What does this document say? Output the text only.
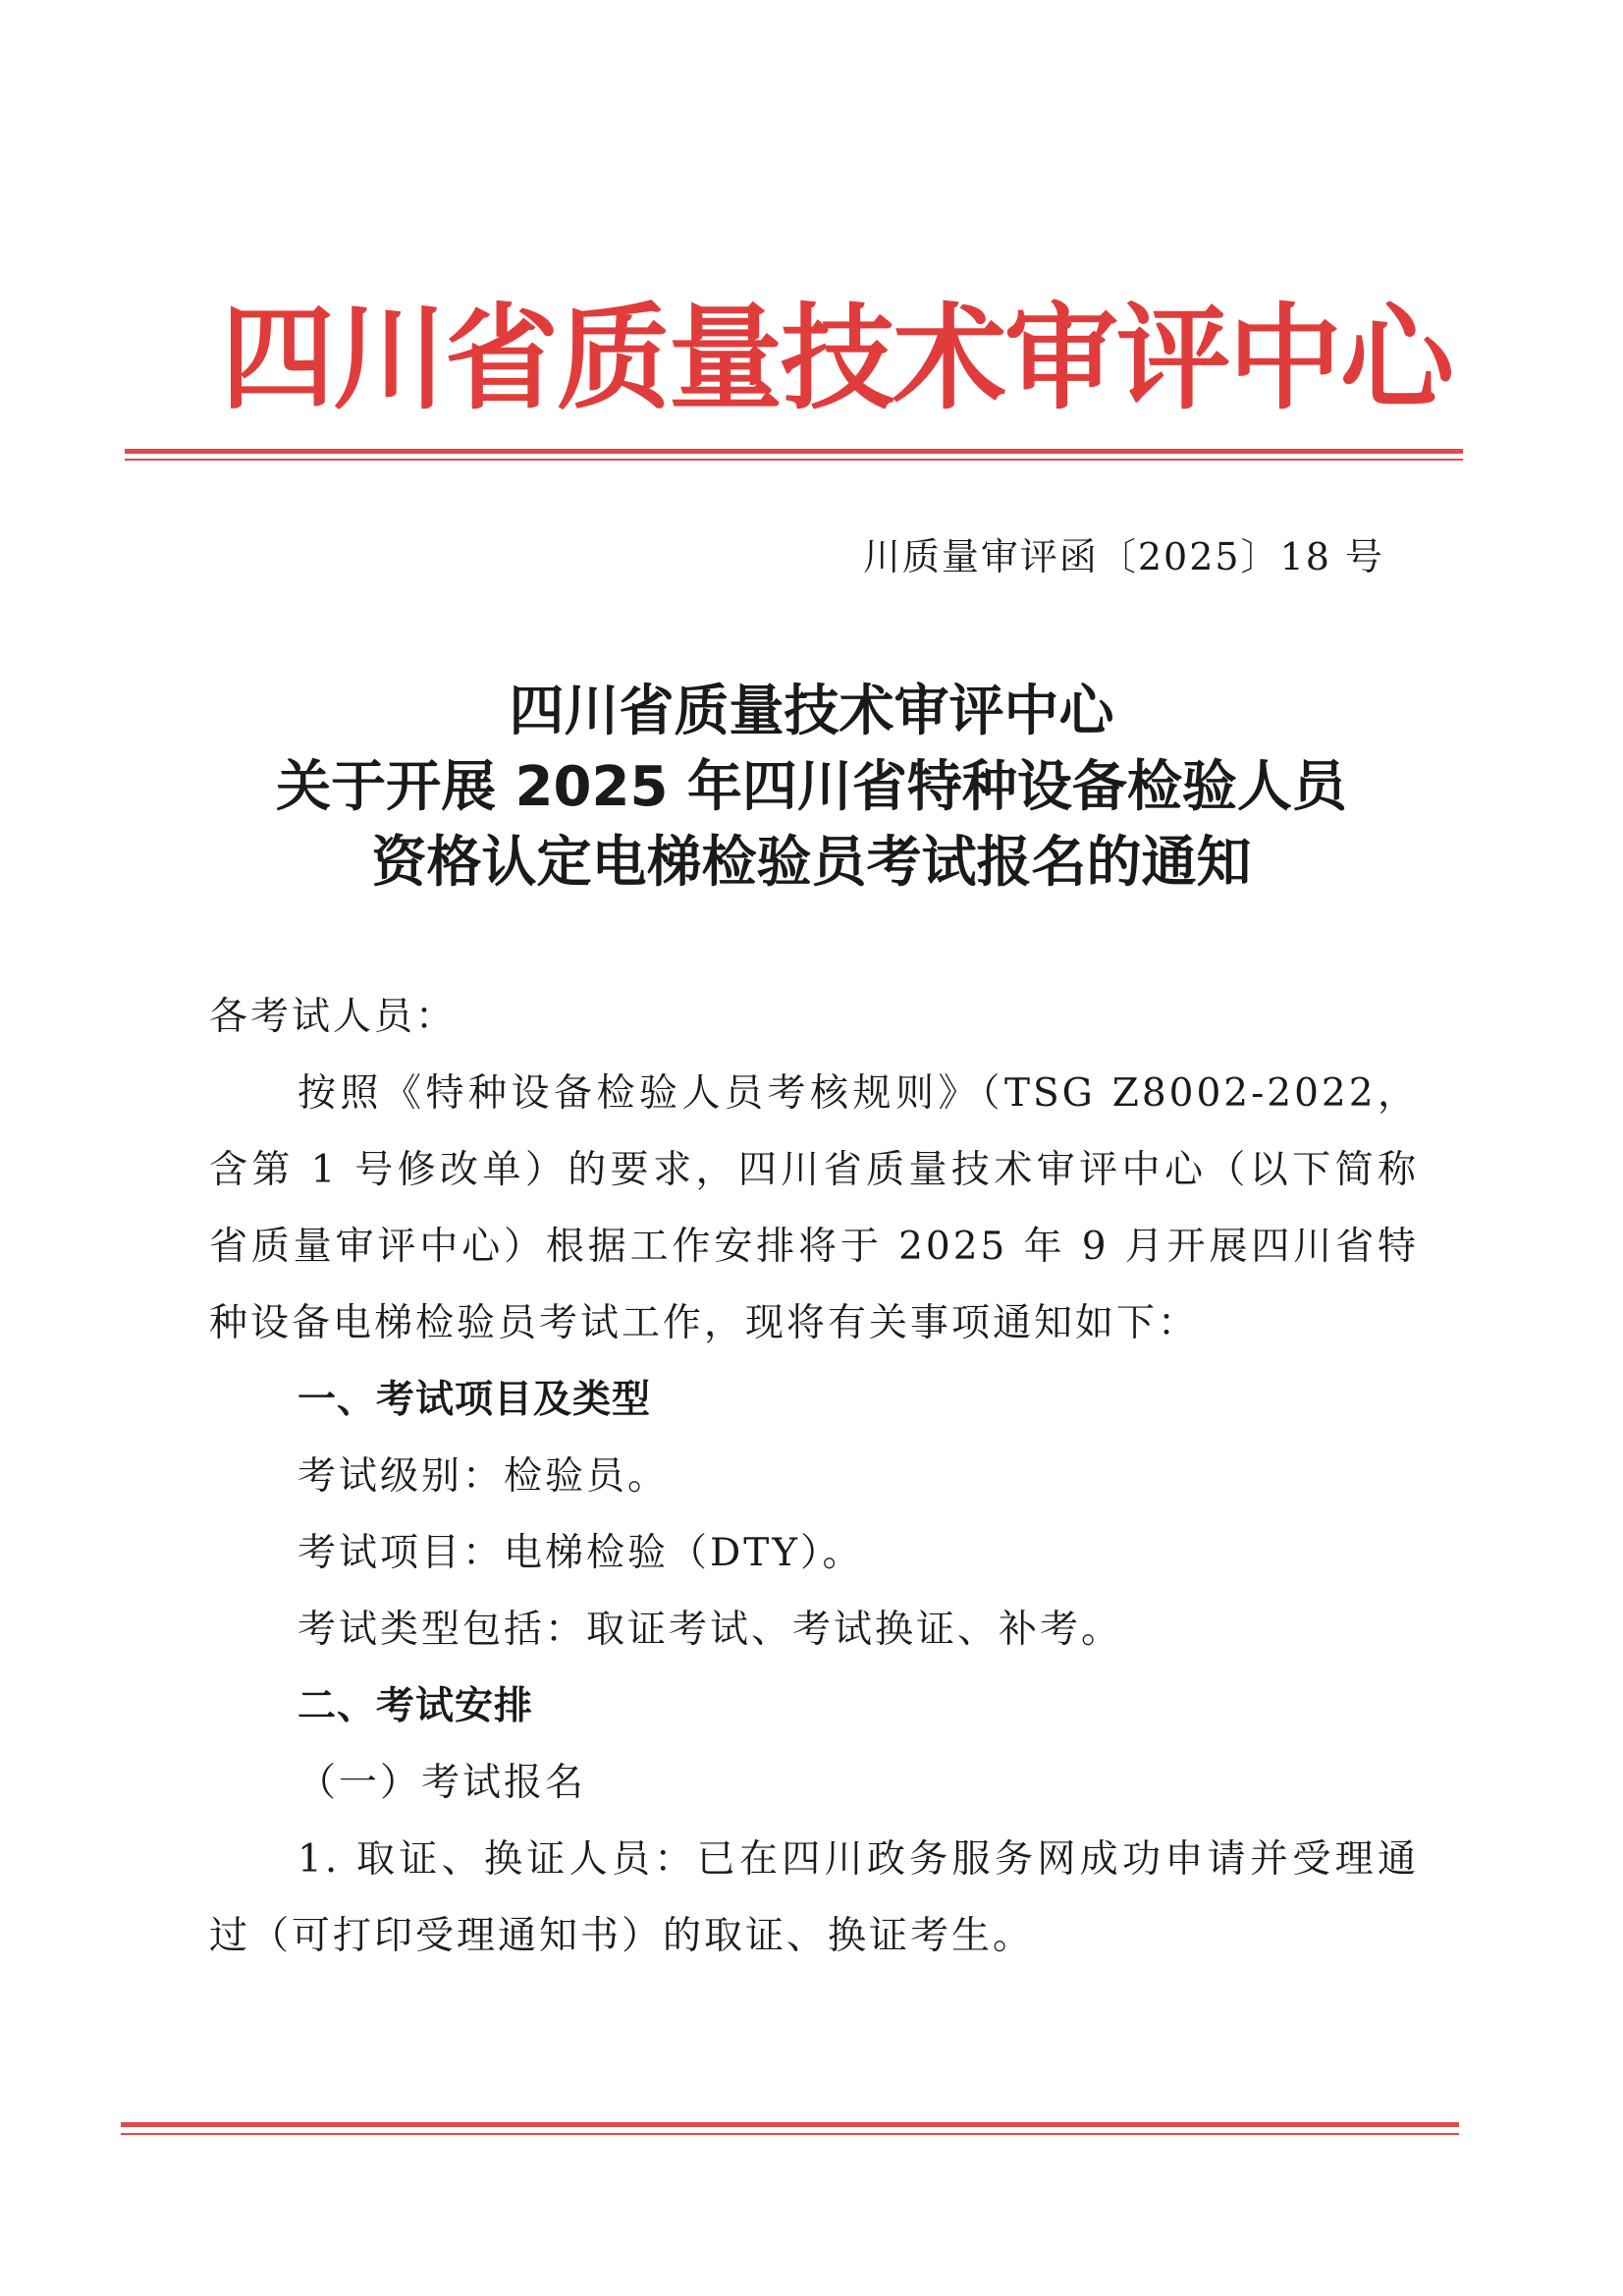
四川省质量技术审评中心
川质量审评函〔2025〕18 号
四川省质量技术审评中心
关于开展 2025 年四川省特种设备检验人员
资格认定电梯检验员考试报名的通知
各考试人员：

按照《特种设备检验人员考核规则》（TSG Z8002-2022，含第 1 号修改单）的要求，四川省质量技术审评中心（以下简称省质量审评中心）根据工作安排将于 2025 年 9 月开展四川省特种设备电梯检验员考试工作，现将有关事项通知如下：

一、考试项目及类型

考试级别：检验员。

考试项目：电梯检验（DTY）。

考试类型包括：取证考试、考试换证、补考。

二、考试安排

（一）考试报名

1. 取证、换证人员：已在四川政务服务网成功申请并受理通过（可打印受理通知书）的取证、换证考生。
